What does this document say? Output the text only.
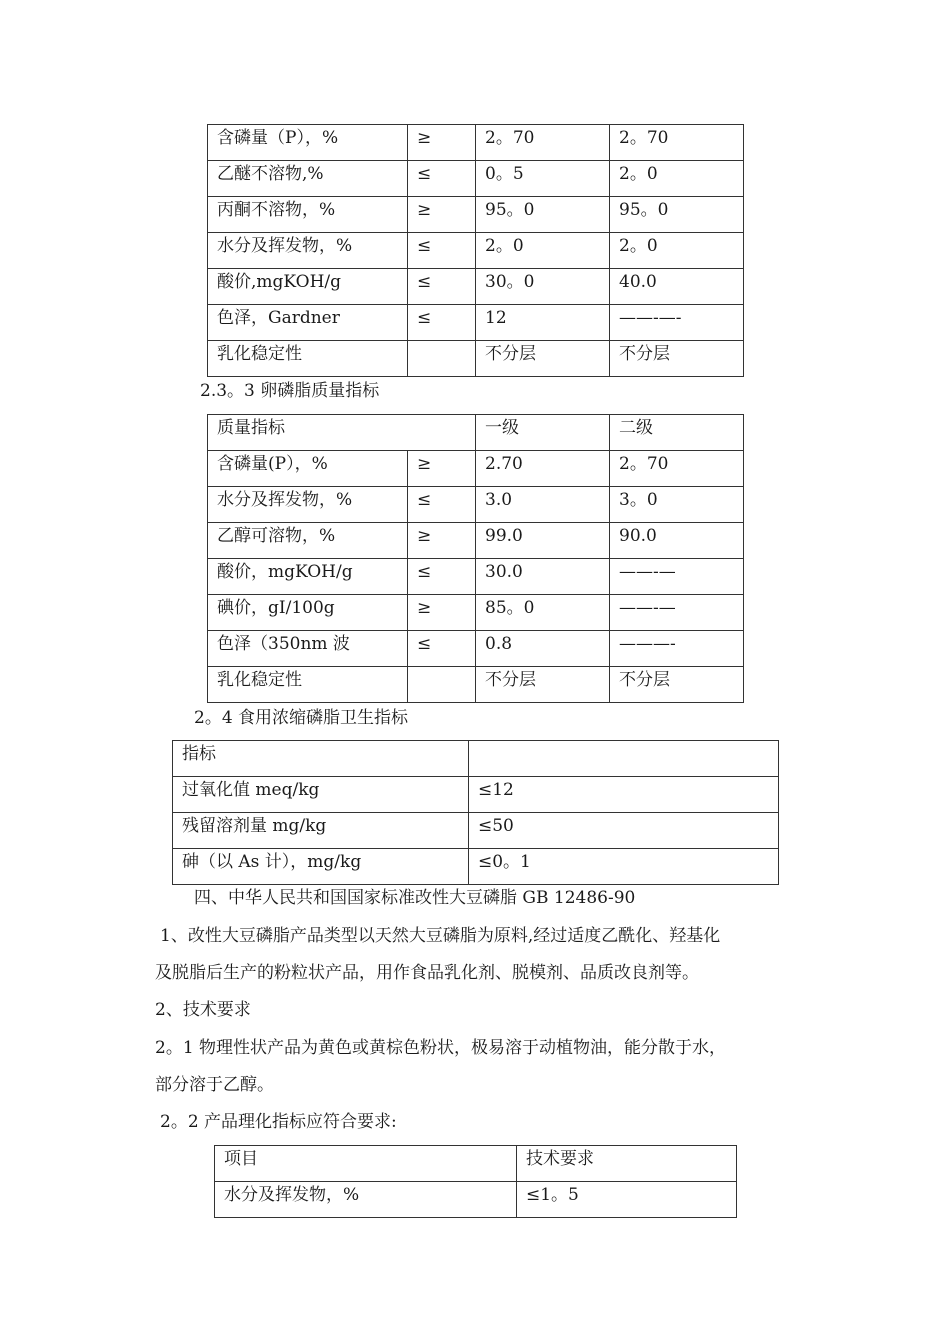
含磷量（P），%	≥	2。70	2。70
乙醚不溶物,%	≤	0。5	2。0
丙酮不溶物，%	≥	95。0	95。0
水分及挥发物，%	≤	2。0	2。0
酸价,mgKOH/g	≤	30。0	40.0
色泽，Gardner	≤	12	——-—-
乳化稳定性		不分层	不分层
2.3。3 卵磷脂质量指标
质量指标		一级	二级
含磷量(P），%	≥	2.70	2。70
水分及挥发物，%	≤	3.0	3。0
乙醇可溶物，%	≥	99.0	90.0
酸价，mgKOH/g	≤	30.0	——-—
碘价，gI/100g	≥	85。0	——-—
色泽（350nm 波	≤	0.8	———-
乳化稳定性		不分层	不分层
2。4 食用浓缩磷脂卫生指标
指标	
过氧化值 meq/kg	≤12
残留溶剂量 mg/kg	≤50
砷（以 As 计），mg/kg	≤0。1
四、中华人民共和国国家标准改性大豆磷脂 GB 12486-90
1、改性大豆磷脂产品类型以天然大豆磷脂为原料,经过适度乙酰化、羟基化
及脱脂后生产的粉粒状产品，用作食品乳化剂、脱模剂、品质改良剂等。
2、技术要求
2。1 物理性状产品为黄色或黄棕色粉状，极易溶于动植物油，能分散于水，
部分溶于乙醇。
2。2 产品理化指标应符合要求:
项目	技术要求
水分及挥发物，%	≤1。5
